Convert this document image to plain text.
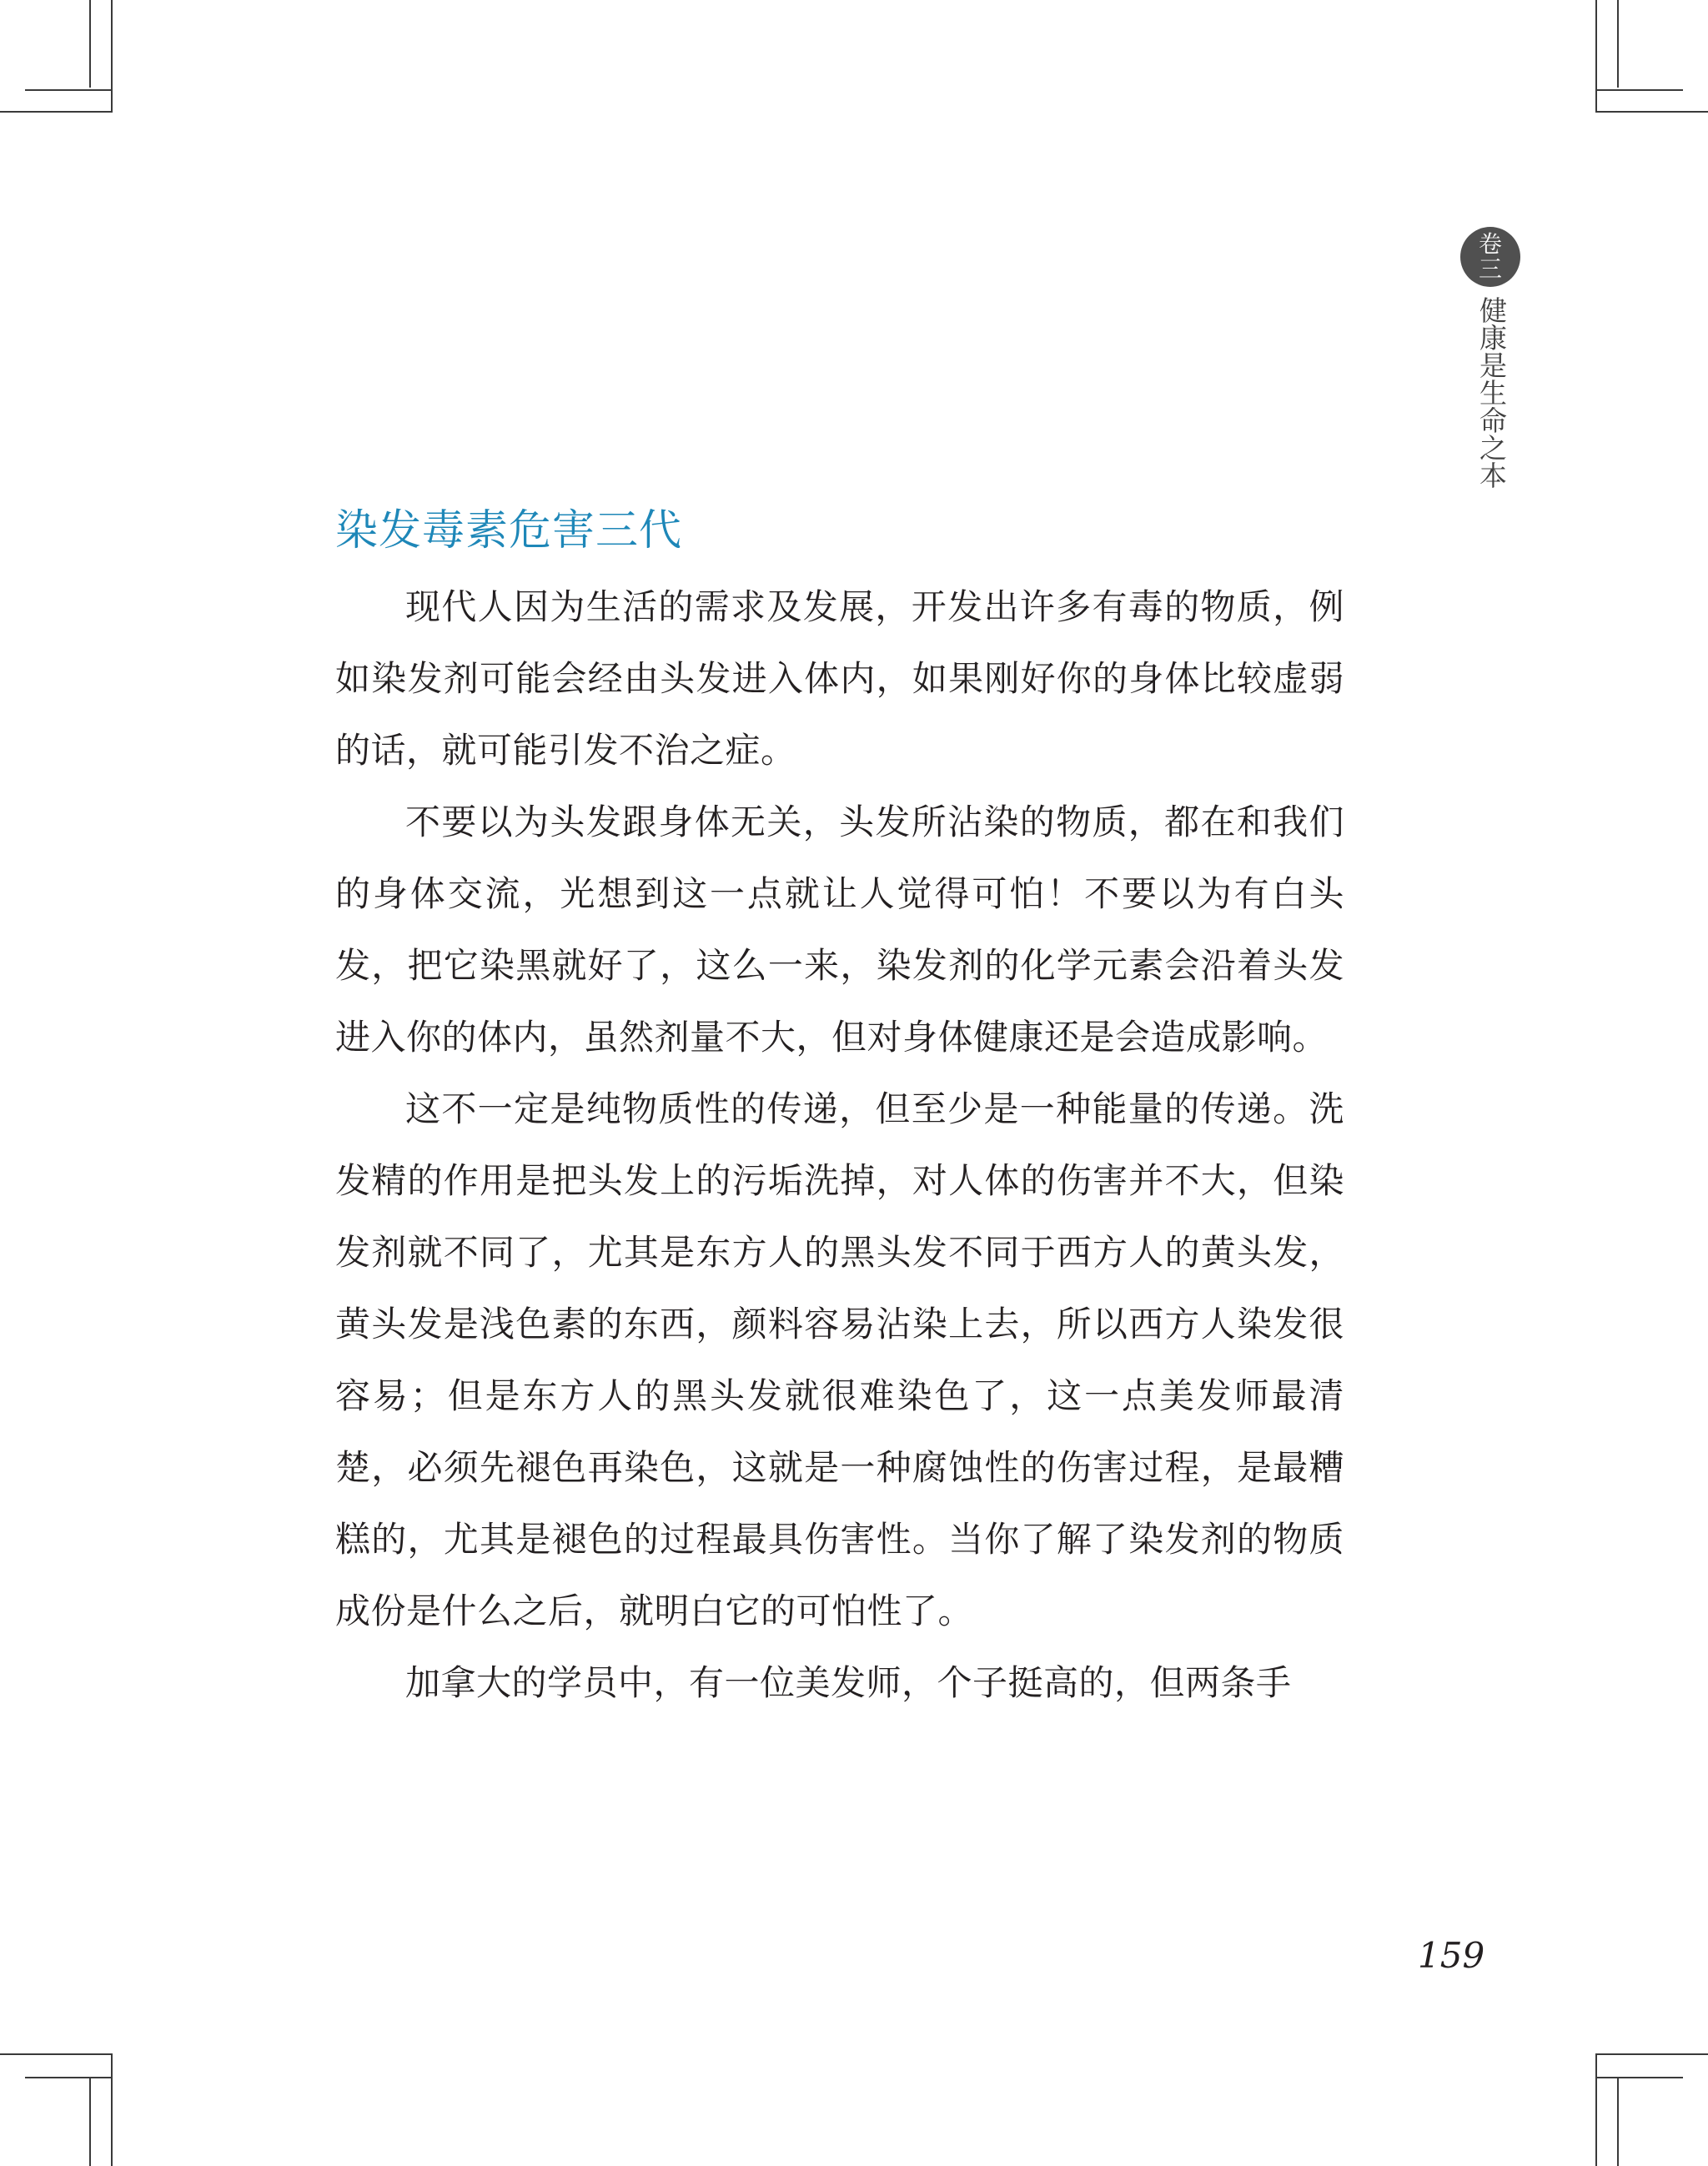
卷
三
健康是生命之本
染发毒素危害三代

现代人因为生活的需求及发展，开发出许多有毒的物质，例如染发剂可能会经由头发进入体内，如果刚好你的身体比较虚弱的话，就可能引发不治之症。

不要以为头发跟身体无关，头发所沾染的物质，都在和我们的身体交流，光想到这一点就让人觉得可怕！不要以为有白头发，把它染黑就好了，这么一来，染发剂的化学元素会沿着头发进入你的体内，虽然剂量不大，但对身体健康还是会造成影响。

这不一定是纯物质性的传递，但至少是一种能量的传递。洗发精的作用是把头发上的污垢洗掉，对人体的伤害并不大，但染发剂就不同了，尤其是东方人的黑头发不同于西方人的黄头发，黄头发是浅色素的东西，颜料容易沾染上去，所以西方人染发很容易；但是东方人的黑头发就很难染色了，这一点美发师最清楚，必须先褪色再染色，这就是一种腐蚀性的伤害过程，是最糟糕的，尤其是褪色的过程最具伤害性。当你了解了染发剂的物质成份是什么之后，就明白它的可怕性了。

加拿大的学员中，有一位美发师，个子挺高的，但两条手

159
